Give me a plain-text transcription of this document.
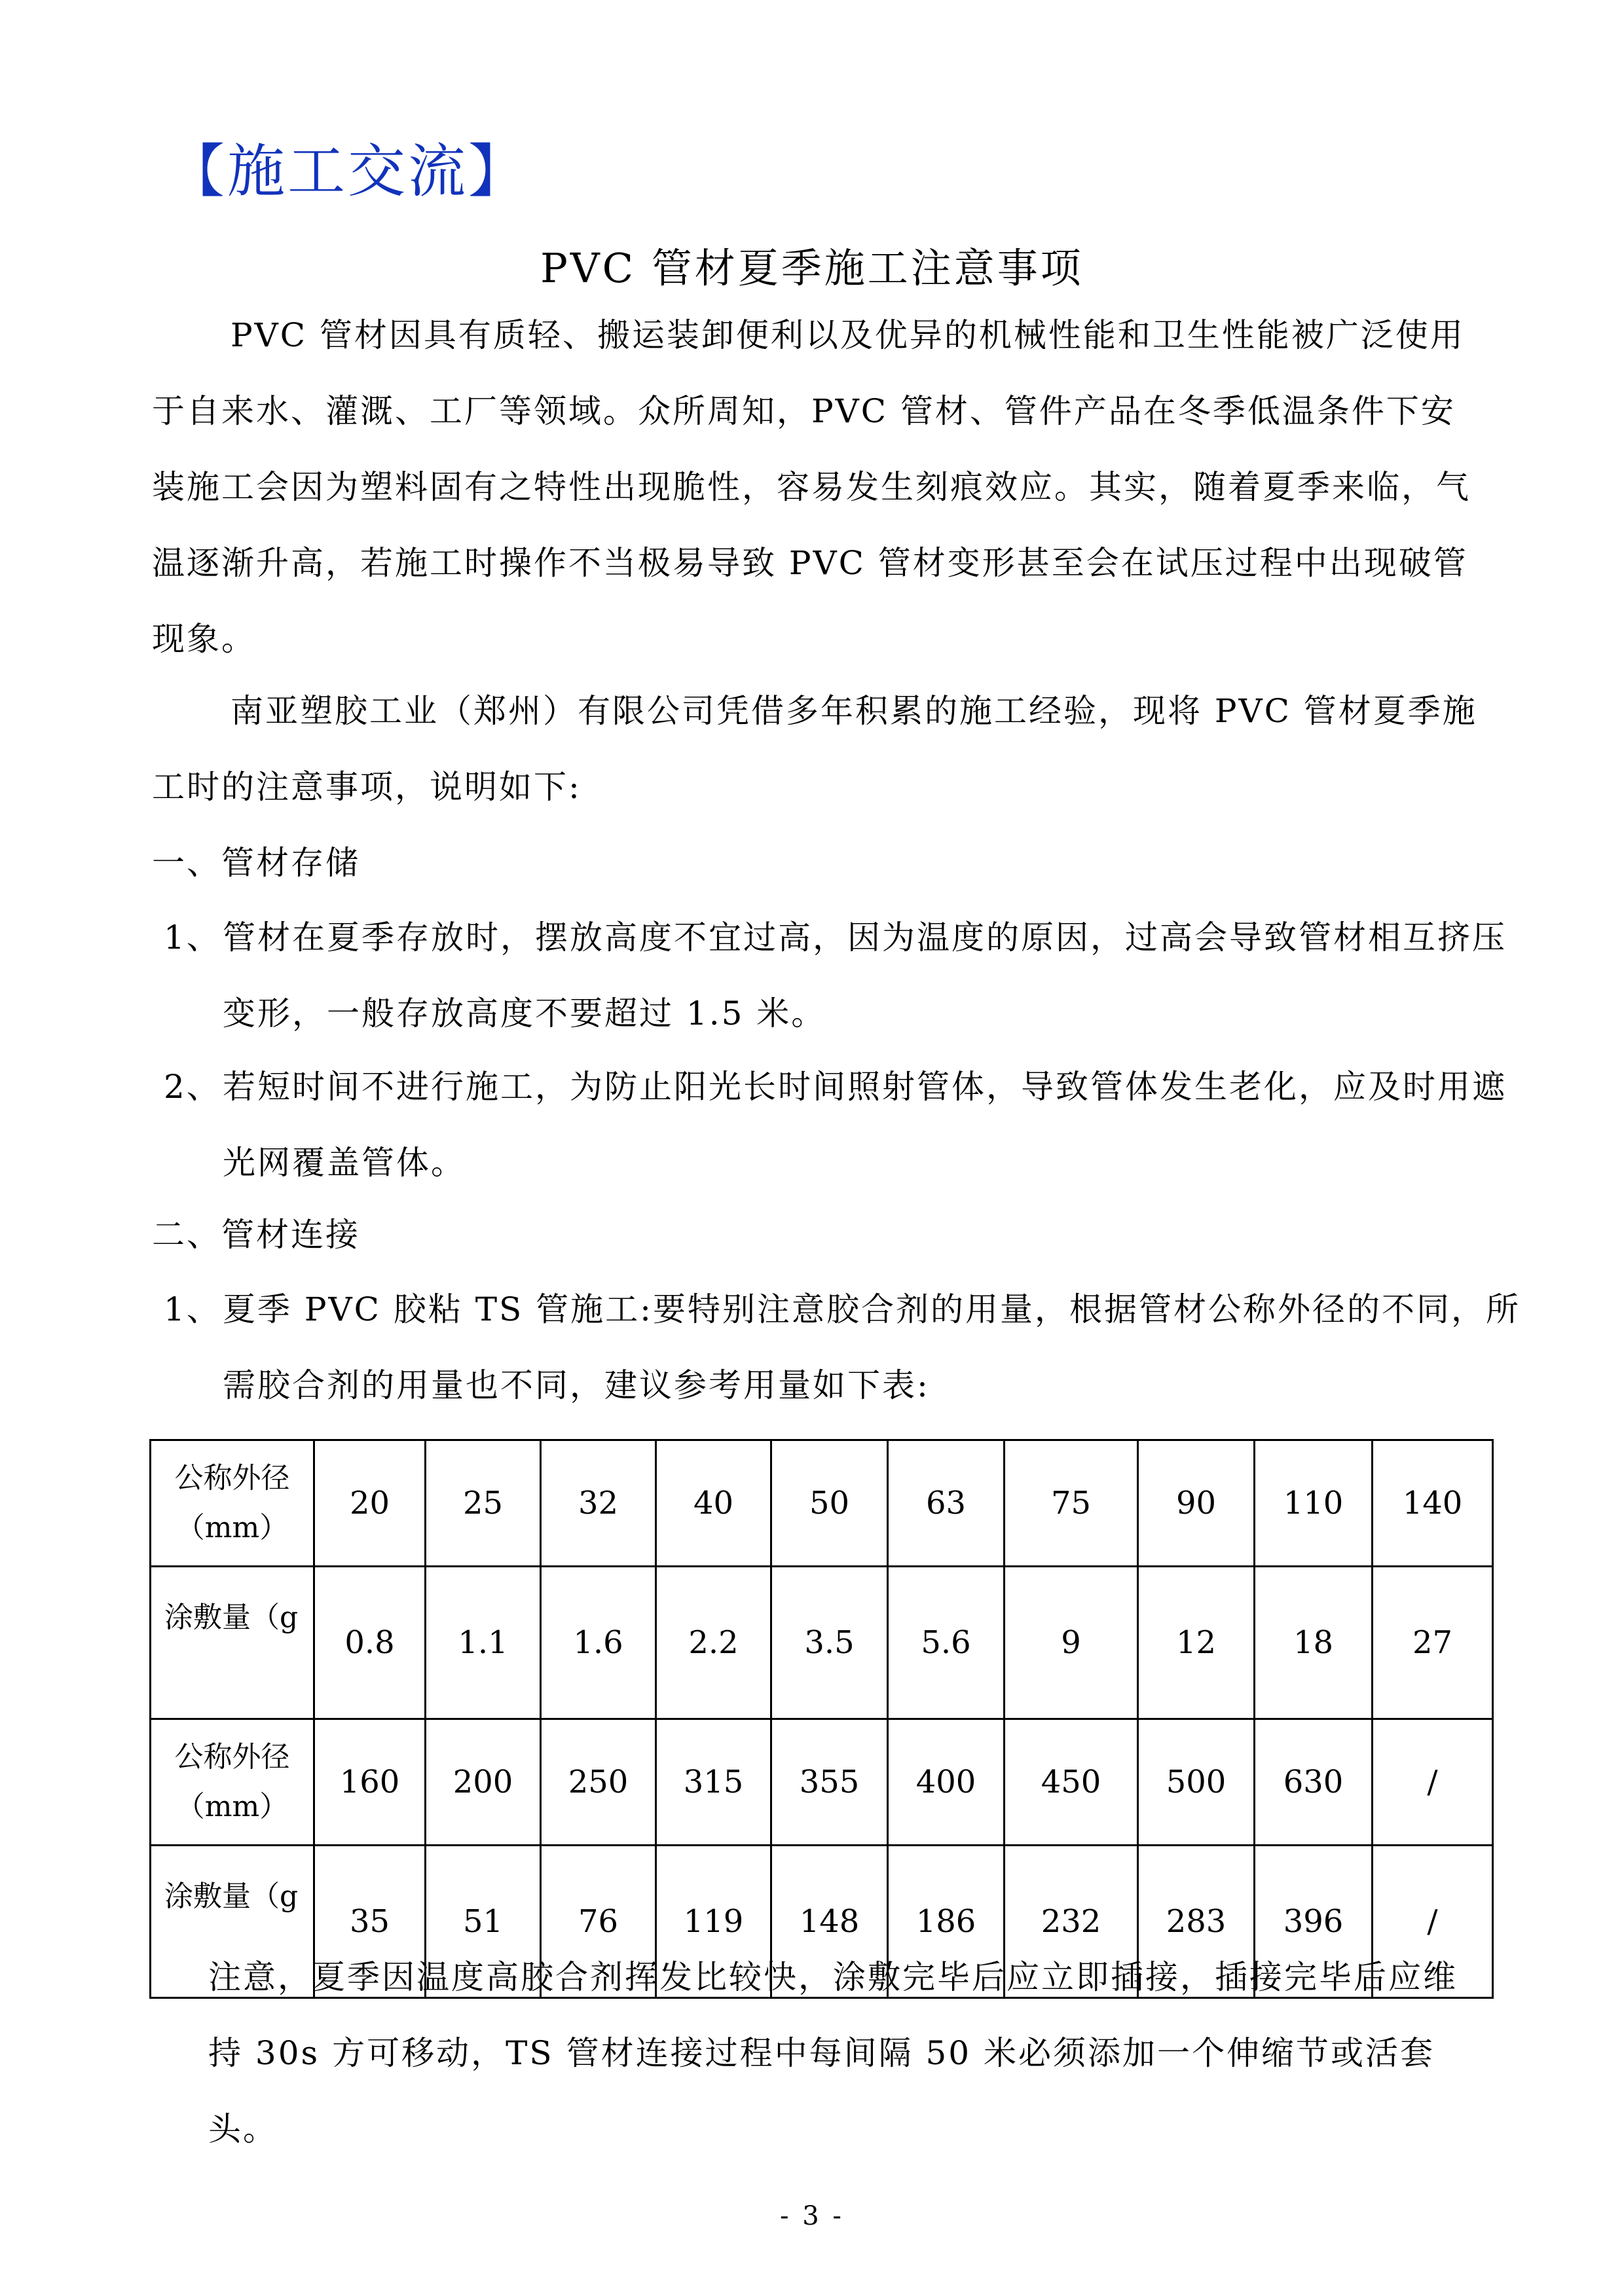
【施工交流】
PVC 管材夏季施工注意事项
PVC 管材因具有质轻、搬运装卸便利以及优异的机械性能和卫生性能被广泛使用于自来水、灌溉、工厂等领域。众所周知，PVC 管材、管件产品在冬季低温条件下安装施工会因为塑料固有之特性出现脆性，容易发生刻痕效应。其实，随着夏季来临，气温逐渐升高，若施工时操作不当极易导致 PVC 管材变形甚至会在试压过程中出现破管现象。
南亚塑胶工业（郑州）有限公司凭借多年积累的施工经验，现将 PVC 管材夏季施工时的注意事项，说明如下:
一、管材存储
1、管材在夏季存放时，摆放高度不宜过高，因为温度的原因，过高会导致管材相互挤压变形，一般存放高度不要超过 1.5 米。
2、若短时间不进行施工，为防止阳光长时间照射管体，导致管体发生老化，应及时用遮光网覆盖管体。
二、管材连接
1、夏季 PVC 胶粘 TS 管施工:要特别注意胶合剂的用量，根据管材公称外径的不同，所需胶合剂的用量也不同，建议参考用量如下表:
公称外径
（mm）	20	25	32	40	50	63	75	90	110	140
涂敷量（g	0.8	1.1	1.6	2.2	3.5	5.6	9	12	18	27
公称外径
（mm）	160	200	250	315	355	400	450	500	630	/
涂敷量（g	35	51	76	119	148	186	232	283	396	/
注意，夏季因温度高胶合剂挥发比较快，涂敷完毕后应立即插接，插接完毕后应维持 30s 方可移动，TS 管材连接过程中每间隔 50 米必须添加一个伸缩节或活套头。
- 3 -
